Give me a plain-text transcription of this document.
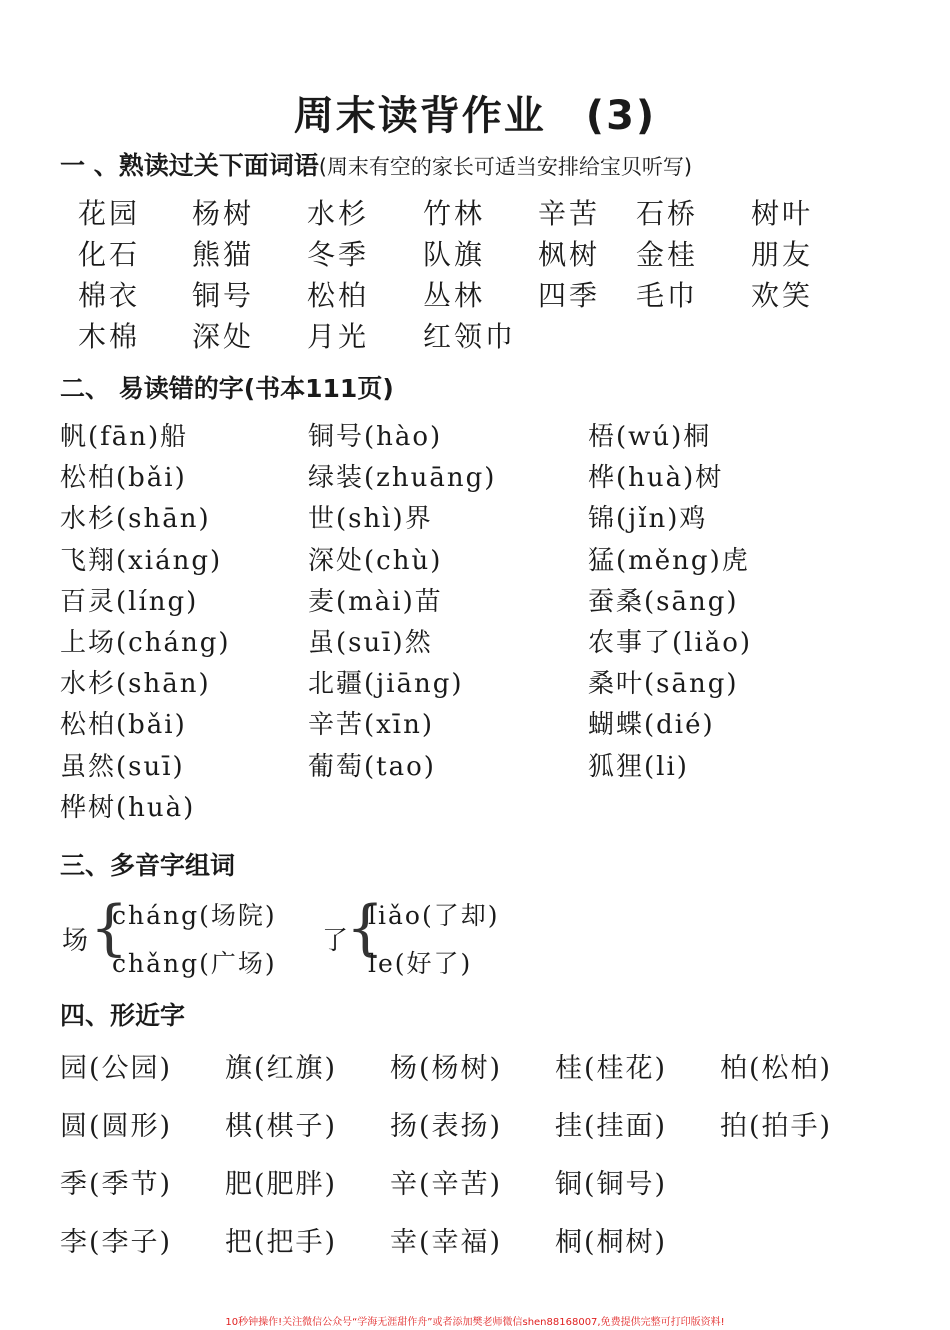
周末读背作业 (3)
一 、熟读过关下面词语(周末有空的家长可适当安排给宝贝听写)
花园 杨树 水杉 竹林 辛苦 石桥 树叶
化石 熊猫 冬季 队旗 枫树 金桂 朋友
棉衣 铜号 松柏 丛林 四季 毛巾 欢笑
木棉 深处 月光 红领巾
二、 易读错的字(书本111页)
帆(fān)船	铜号(hào)	梧(wú)桐
松柏(bǎi)	绿装(zhuāng)	桦(huà)树
水杉(shān)	世(shì)界	锦(jǐn)鸡
飞翔(xiáng)	深处(chù)	猛(měng)虎
百灵(líng)	麦(mài)苗	蚕桑(sāng)
上场(cháng)	虽(suī)然	农事了(liǎo)
水杉(shān)	北疆(jiāng)	桑叶(sāng)
松柏(bǎi)	辛苦(xīn)	蝴蝶(dié)
虽然(suī)	葡萄(tao)	狐狸(li)
桦树(huà)
三、多音字组词
场 {
cháng(场院)
chǎng(广场)
了
{
liǎo(了却)
le(好了)
四、形近字
园(公园) 旗(红旗) 杨(杨树) 桂(桂花) 柏(松柏)
圆(圆形) 棋(棋子) 扬(表扬) 挂(挂面) 拍(拍手)
季(季节) 肥(肥胖) 辛(辛苦) 铜(铜号)
李(李子) 把(把手) 幸(幸福) 桐(桐树)
10秒钟操作!关注微信公众号“学海无涯甜作舟”或者添加樊老师微信shen88168007,免费提供完整可打印版资料!
